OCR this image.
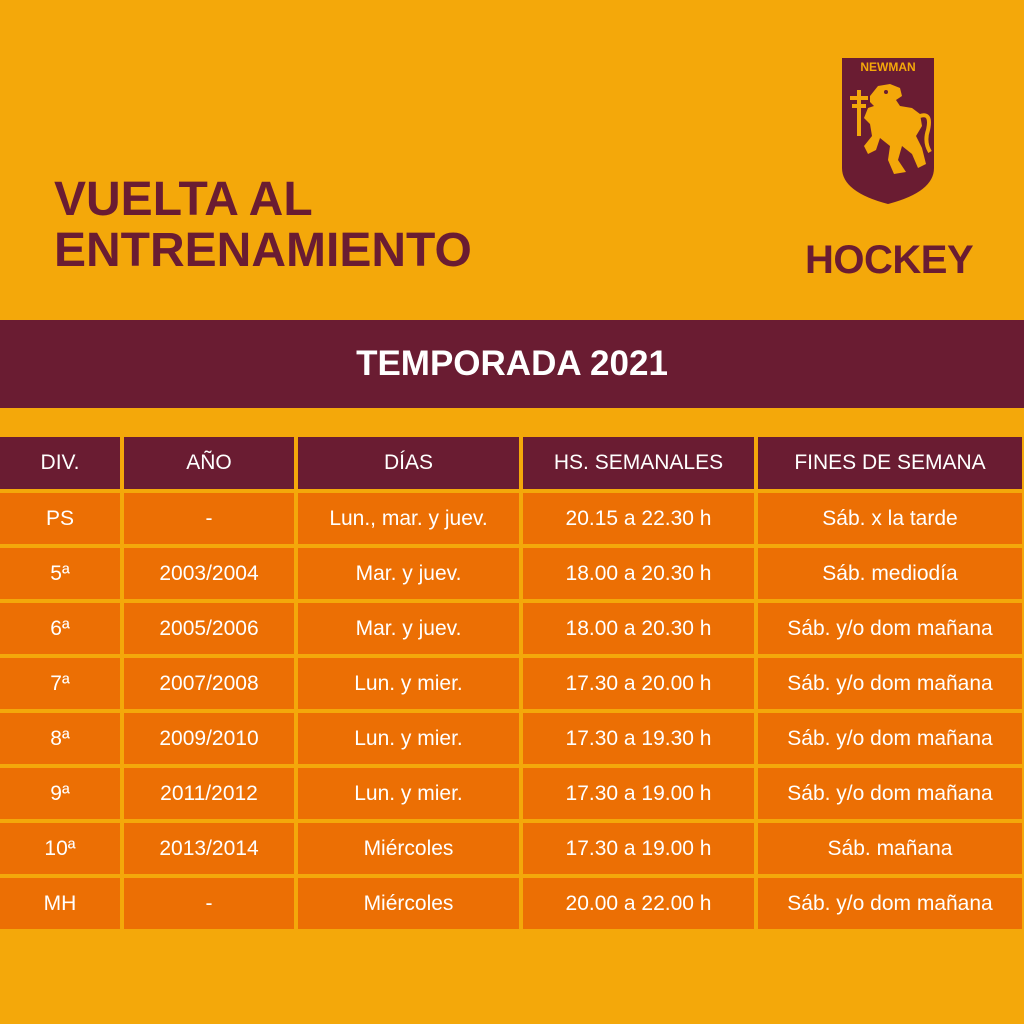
VUELTA AL
ENTRENAMIENTO
NEWMAN
HOCKEY
TEMPORADA 2021
DIV.	AÑO	DÍAS	HS. SEMANALES	FINES DE SEMANA
PS	-	Lun., mar. y juev.	20.15 a 22.30 h	Sáb. x la tarde
5ª	2003/2004	Mar. y juev.	18.00 a 20.30 h	Sáb. mediodía
6ª	2005/2006	Mar. y juev.	18.00 a 20.30 h	Sáb. y/o dom mañana
7ª	2007/2008	Lun. y mier.	17.30 a 20.00 h	Sáb. y/o dom mañana
8ª	2009/2010	Lun. y mier.	17.30 a 19.30 h	Sáb. y/o dom mañana
9ª	2011/2012	Lun. y mier.	17.30 a 19.00 h	Sáb. y/o dom mañana
10ª	2013/2014	Miércoles	17.30 a 19.00 h	Sáb. mañana
MH	-	Miércoles	20.00 a 22.00 h	Sáb. y/o dom mañana
